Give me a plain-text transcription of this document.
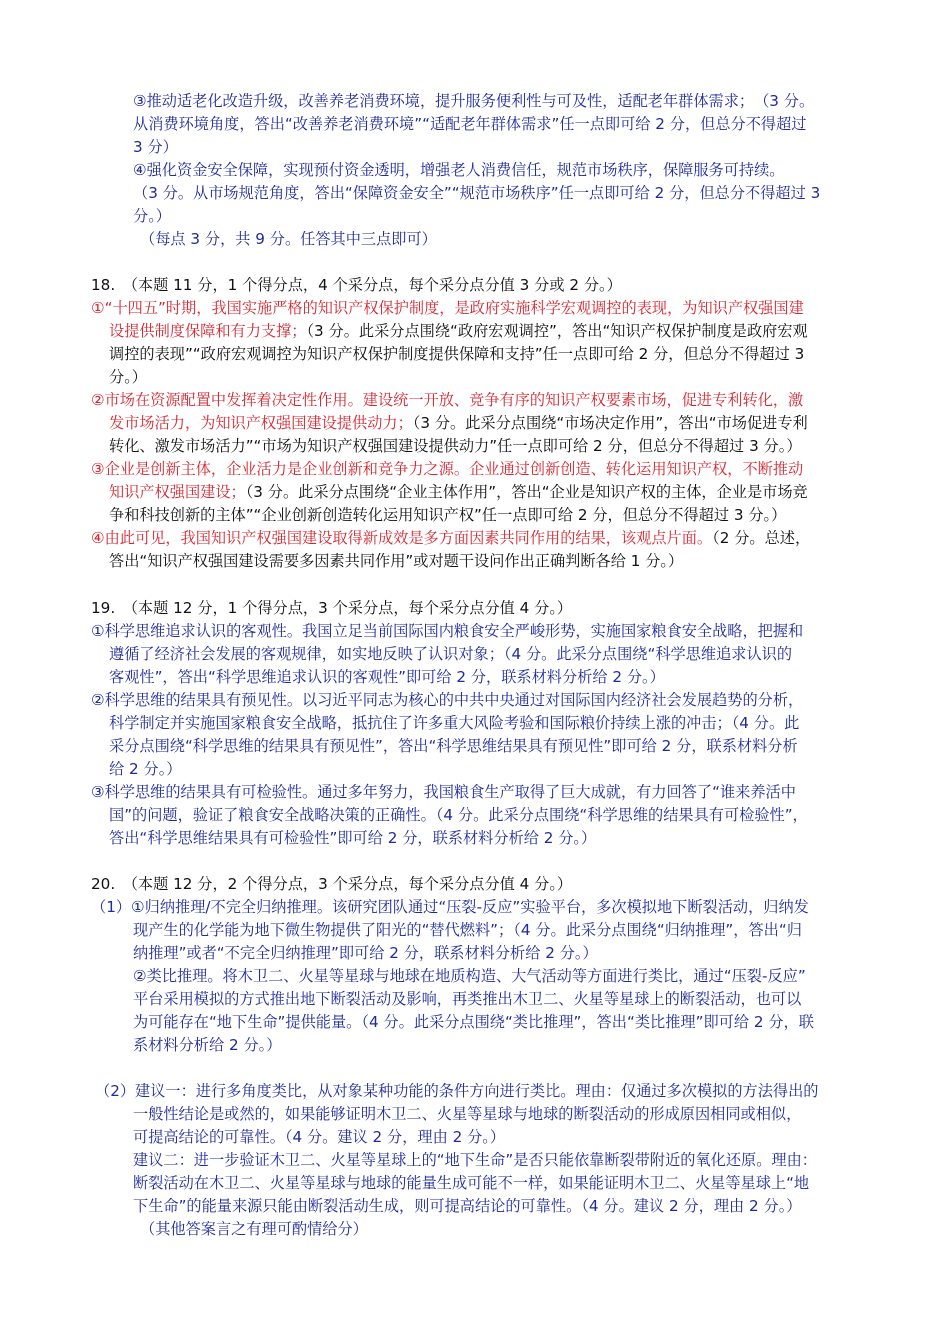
③推动适老化改造升级，改善养老消费环境，提升服务便利性与可及性，适配老年群体需求；　（3 分。
从消费环境角度，答出“改善养老消费环境”“适配老年群体需求”任一点即可给 2 分，但总分不得超过
3 分）
④强化资金安全保障，实现预付资金透明，增强老人消费信任，规范市场秩序，保障服务可持续。
（3 分。从市场规范角度，答出“保障资金安全”“规范市场秩序”任一点即可给 2 分，但总分不得超过 3
分。）
（每点 3 分，共 9 分。任答其中三点即可）
18.　（本题 11 分，1 个得分点，4 个采分点，每个采分点分值 3 分或 2 分。）
①“十四五”时期，我国实施严格的知识产权保护制度，是政府实施科学宏观调控的表现，为知识产权强国建
设提供制度保障和有力支撑；（3 分。此采分点围绕“政府宏观调控”，答出“知识产权保护制度是政府宏观
调控的表现”“政府宏观调控为知识产权保护制度提供保障和支持”任一点即可给 2 分，但总分不得超过 3
分。）
②市场在资源配置中发挥着决定性作用。建设统一开放、竞争有序的知识产权要素市场，促进专利转化，激
发市场活力，为知识产权强国建设提供动力；（3 分。此采分点围绕“市场决定作用”，答出“市场促进专利
转化、激发市场活力”“市场为知识产权强国建设提供动力”任一点即可给 2 分，但总分不得超过 3 分。）
③企业是创新主体，企业活力是企业创新和竞争力之源。企业通过创新创造、转化运用知识产权，不断推动
知识产权强国建设；（3 分。此采分点围绕“企业主体作用”，答出“企业是知识产权的主体，企业是市场竞
争和科技创新的主体”“企业创新创造转化运用知识产权”任一点即可给 2 分，但总分不得超过 3 分。）
④由此可见，我国知识产权强国建设取得新成效是多方面因素共同作用的结果，该观点片面。（2 分。总述，
答出“知识产权强国建设需要多因素共同作用”或对题干设问作出正确判断各给 1 分。）
19.　（本题 12 分，1 个得分点，3 个采分点，每个采分点分值 4 分。）
①科学思维追求认识的客观性。我国立足当前国际国内粮食安全严峻形势，实施国家粮食安全战略，把握和
遵循了经济社会发展的客观规律，如实地反映了认识对象；（4 分。此采分点围绕“科学思维追求认识的
客观性”，答出“科学思维追求认识的客观性”即可给 2 分，联系材料分析给 2 分。）
②科学思维的结果具有预见性。以习近平同志为核心的中共中央通过对国际国内经济社会发展趋势的分析，
科学制定并实施国家粮食安全战略，抵抗住了许多重大风险考验和国际粮价持续上涨的冲击；（4 分。此
采分点围绕“科学思维的结果具有预见性”，答出“科学思维结果具有预见性”即可给 2 分，联系材料分析
给 2 分。）
③科学思维的结果具有可检验性。通过多年努力，我国粮食生产取得了巨大成就，有力回答了“谁来养活中
国”的问题，验证了粮食安全战略决策的正确性。（4 分。此采分点围绕“科学思维的结果具有可检验性”，
答出“科学思维结果具有可检验性”即可给 2 分，联系材料分析给 2 分。）
20.　（本题 12 分，2 个得分点，3 个采分点，每个采分点分值 4 分。）
（1）①归纳推理/不完全归纳推理。该研究团队通过“压裂-反应”实验平台，多次模拟地下断裂活动，归纳发
现产生的化学能为地下微生物提供了阳光的“替代燃料”；（4 分。此采分点围绕“归纳推理”，答出“归
纳推理”或者“不完全归纳推理”即可给 2 分，联系材料分析给 2 分。）
②类比推理。将木卫二、火星等星球与地球在地质构造、大气活动等方面进行类比，通过“压裂-反应”
平台采用模拟的方式推出地下断裂活动及影响，再类推出木卫二、火星等星球上的断裂活动，也可以
为可能存在“地下生命”提供能量。（4 分。此采分点围绕“类比推理”，答出“类比推理”即可给 2 分，联
系材料分析给 2 分。）
（2）建议一：进行多角度类比，从对象某种功能的条件方向进行类比。理由：仅通过多次模拟的方法得出的
一般性结论是或然的，如果能够证明木卫二、火星等星球与地球的断裂活动的形成原因相同或相似，
可提高结论的可靠性。（4 分。建议 2 分，理由 2 分。）
建议二：进一步验证木卫二、火星等星球上的“地下生命”是否只能依靠断裂带附近的氧化还原。理由：
断裂活动在木卫二、火星等星球与地球的能量生成可能不一样，如果能证明木卫二、火星等星球上“地
下生命”的能量来源只能由断裂活动生成，则可提高结论的可靠性。（4 分。建议 2 分，理由 2 分。）
（其他答案言之有理可酌情给分）
